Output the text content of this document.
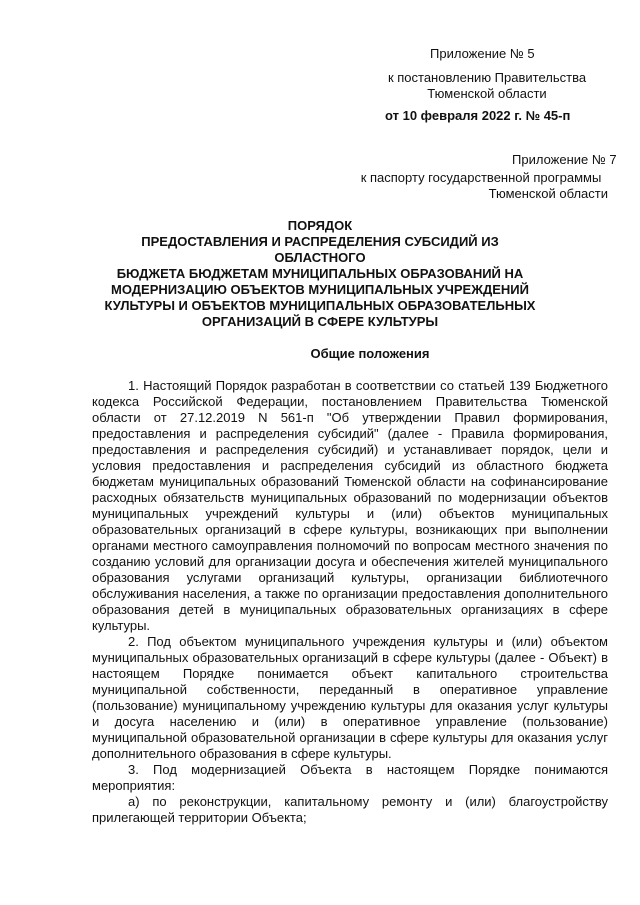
Приложение № 5
к постановлению Правительства
Тюменской области
от 10 февраля 2022 г. № 45-п
Приложение № 7
к паспорту государственной программы
Тюменской области
ПОРЯДОК
ПРЕДОСТАВЛЕНИЯ И РАСПРЕДЕЛЕНИЯ СУБСИДИЙ ИЗ
ОБЛАСТНОГО
БЮДЖЕТА БЮДЖЕТАМ МУНИЦИПАЛЬНЫХ ОБРАЗОВАНИЙ НА
МОДЕРНИЗАЦИЮ ОБЪЕКТОВ МУНИЦИПАЛЬНЫХ УЧРЕЖДЕНИЙ
КУЛЬТУРЫ И ОБЪЕКТОВ МУНИЦИПАЛЬНЫХ ОБРАЗОВАТЕЛЬНЫХ
ОРГАНИЗАЦИЙ В СФЕРЕ КУЛЬТУРЫ
Общие положения

1. Настоящий Порядок разработан в соответствии со статьей 139 Бюджетного кодекса Российской Федерации, постановлением Правительства Тюменской области от 27.12.2019 N 561-п "Об утверждении Правил формирования, предоставления и распределения субсидий" (далее - Правила формирования, предоставления и распределения субсидий) и устанавливает порядок, цели и условия предоставления и распределения субсидий из областного бюджета бюджетам муниципальных образований Тюменской области на софинансирование расходных обязательств муниципальных образований по модернизации объектов муниципальных учреждений культуры и (или) объектов муниципальных образовательных организаций в сфере культуры, возникающих при выполнении органами местного самоуправления полномочий по вопросам местного значения по созданию условий для организации досуга и обеспечения жителей муниципального образования услугами организаций культуры, организации библиотечного обслуживания населения, а также по организации предоставления дополнительного образования детей в муниципальных образовательных организациях в сфере культуры.

2. Под объектом муниципального учреждения культуры и (или) объектом муниципальных образовательных организаций в сфере культуры (далее - Объект) в настоящем Порядке понимается объект капитального строительства муниципальной собственности, переданный в оперативное управление (пользование) муниципальному учреждению культуры для оказания услуг культуры и досуга населению и (или) в оперативное управление (пользование) муниципальной образовательной организации в сфере культуры для оказания услуг дополнительного образования в сфере культуры.

3. Под модернизацией Объекта в настоящем Порядке понимаются мероприятия:

а) по реконструкции, капитальному ремонту и (или) благоустройству прилегающей территории Объекта;
